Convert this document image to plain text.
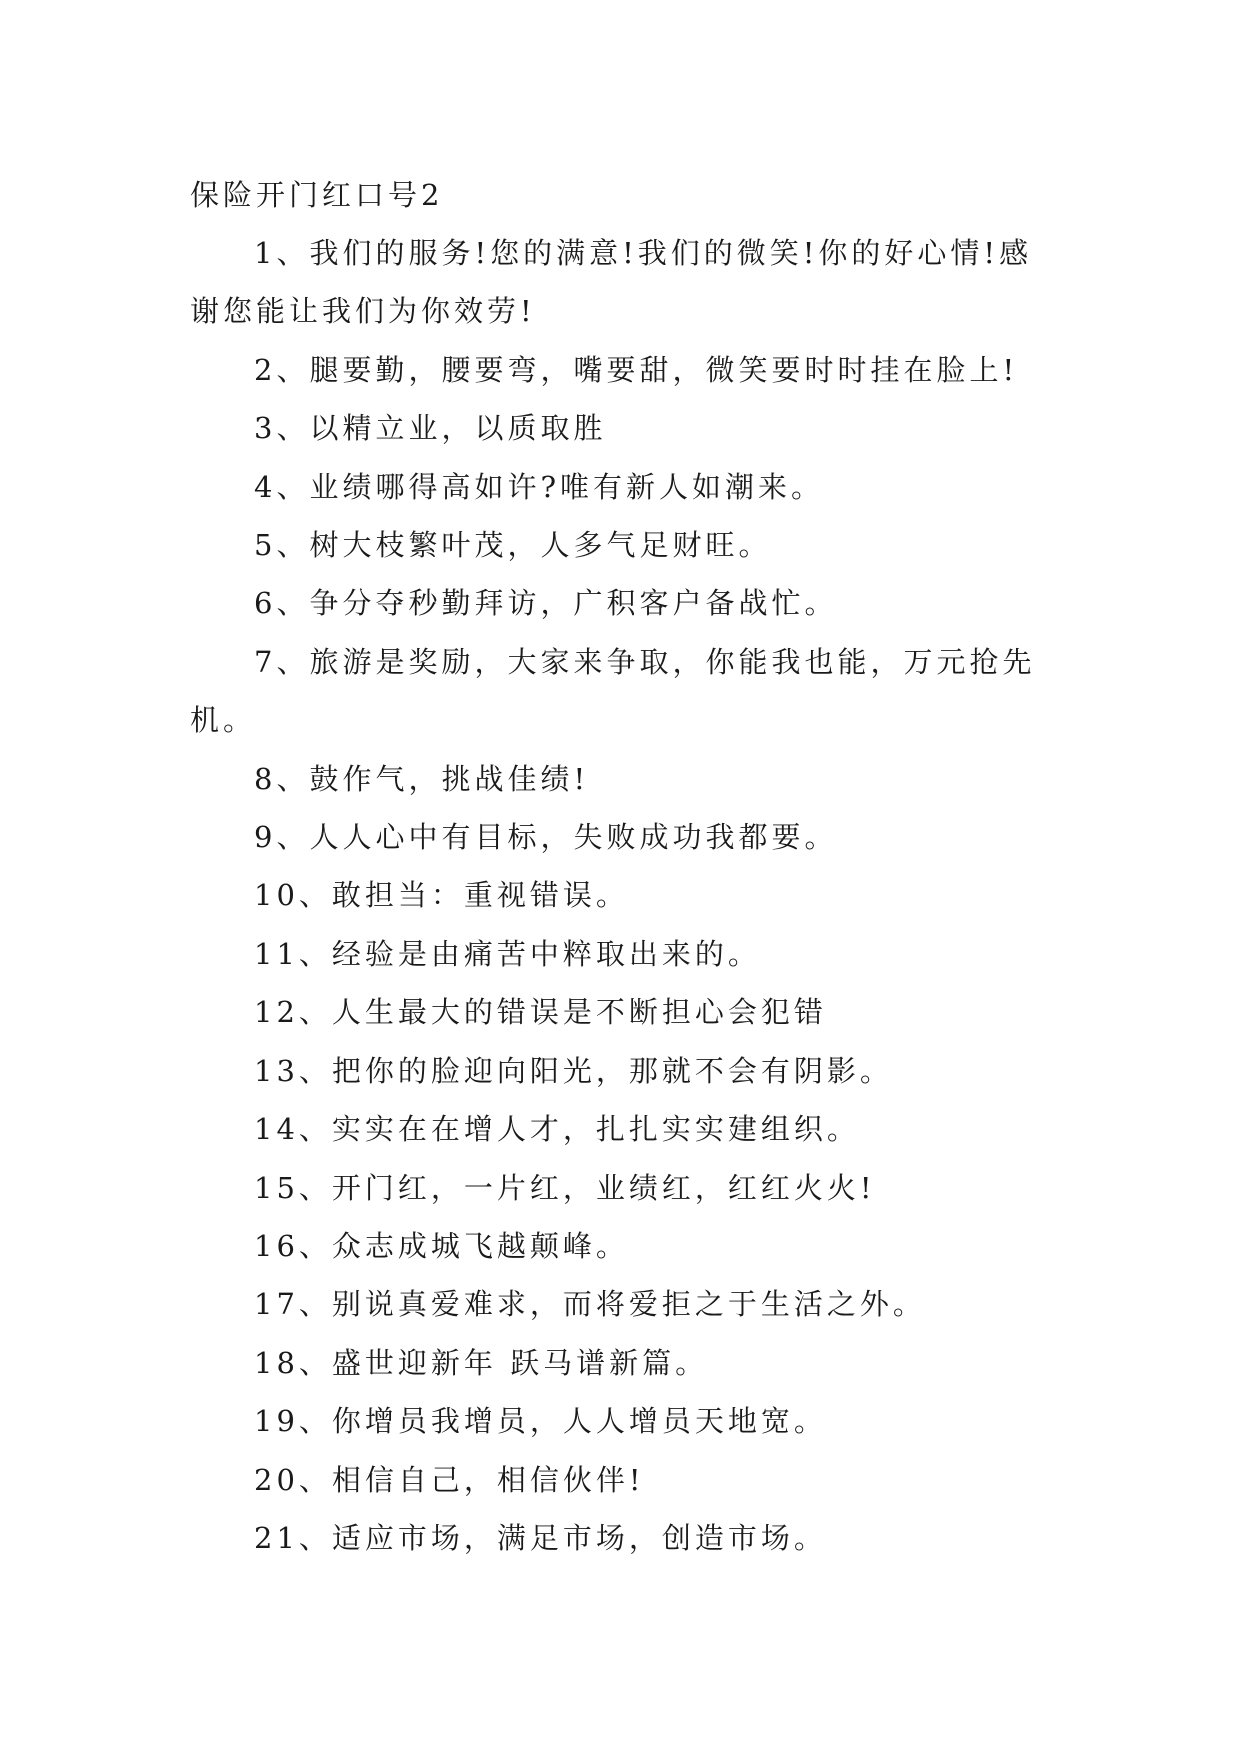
保险开门红口号2

1、我们的服务!您的满意!我们的微笑!你的好心情!感谢您能让我们为你效劳!

2、腿要勤，腰要弯，嘴要甜，微笑要时时挂在脸上!

3、以精立业，以质取胜

4、业绩哪得高如许?唯有新人如潮来。

5、树大枝繁叶茂，人多气足财旺。

6、争分夺秒勤拜访，广积客户备战忙。

7、旅游是奖励，大家来争取，你能我也能，万元抢先机。

8、鼓作气，挑战佳绩!

9、人人心中有目标，失败成功我都要。

10、敢担当：重视错误。

11、经验是由痛苦中粹取出来的。

12、人生最大的错误是不断担心会犯错

13、把你的脸迎向阳光，那就不会有阴影。

14、实实在在增人才，扎扎实实建组织。

15、开门红，一片红，业绩红，红红火火!

16、众志成城飞越颠峰。

17、别说真爱难求，而将爱拒之于生活之外。

18、盛世迎新年 跃马谱新篇。

19、你增员我增员，人人增员天地宽。

20、相信自己，相信伙伴!

21、适应市场，满足市场，创造市场。
